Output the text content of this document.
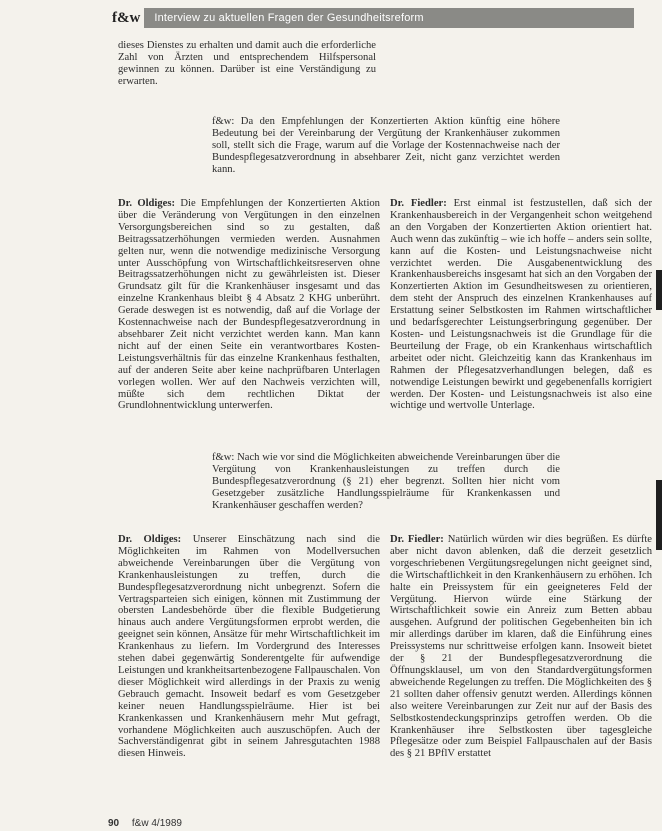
f&w	Interview zu aktuellen Fragen der Gesundheitsreform

dieses Dienstes zu erhalten und damit auch die erforderliche Zahl von Ärzten und entsprechendem Hilfspersonal gewinnen zu können. Darüber ist eine Verständigung zu erwarten.

f&w: Da den Empfehlungen der Konzertierten Aktion künftig eine höhere Bedeutung bei der Vereinbarung der Vergütung der Krankenhäuser zukommen soll, stellt sich die Frage, warum auf die Vorlage der Kostennachweise nach der Bundespflegesatzverordnung in absehbarer Zeit, nicht ganz verzichtet werden kann.

Dr. Oldiges: Die Empfehlungen der Konzertierten Aktion über die Veränderung von Vergütungen in den einzelnen Versorgungsbereichen sind so zu gestalten, daß Beitragssatzerhöhungen vermieden werden. Ausnahmen gelten nur, wenn die notwendige medizinische Versorgung unter Ausschöpfung von Wirtschaftlichkeitsreserven ohne Beitragssatzerhöhungen nicht zu gewährleisten ist. Dieser Grundsatz gilt für die Krankenhäuser insgesamt und das einzelne Krankenhaus bleibt § 4 Absatz 2 KHG unberührt. Gerade deswegen ist es notwendig, daß auf die Vorlage der Kostennachweise nach der Bundespflegesatzverordnung in absehbarer Zeit nicht verzichtet werden kann. Man kann nicht auf der einen Seite ein verantwortbares Kosten-Leistungsverhältnis für das einzelne Krankenhaus festhalten, auf der anderen Seite aber keine nachprüfbaren Unterlagen vorlegen wollen. Wer auf den Nachweis verzichten will, müßte sich dem rechtlichen Diktat der Grundlohnentwicklung unterwerfen.

Dr. Fiedler: Erst einmal ist festzustellen, daß sich der Krankenhausbereich in der Vergangenheit schon weitgehend an den Vorgaben der Konzertierten Aktion orientiert hat. Auch wenn das zukünftig – wie ich hoffe – anders sein sollte, kann auf die Kosten- und Leistungsnachweise nicht verzichtet werden. Die Ausgabenentwicklung des Krankenhausbereichs insgesamt hat sich an den Vorgaben der Konzertierten Aktion im Gesundheitswesen zu orientieren, dem steht der Anspruch des einzelnen Krankenhauses auf Erstattung seiner Selbstkosten im Rahmen wirtschaftlicher und bedarfsgerechter Leistungserbringung gegenüber. Der Kosten- und Leistungsnachweis ist die Grundlage für die Beurteilung der Frage, ob ein Krankenhaus wirtschaftlich arbeitet oder nicht. Gleichzeitig kann das Krankenhaus im Rahmen der Pflegesatzverhandlungen belegen, daß es notwendige Leistungen bewirkt und gegebenenfalls korrigiert werden. Der Kosten- und Leistungsnachweis ist also eine wichtige und wertvolle Unterlage.

f&w: Nach wie vor sind die Möglichkeiten abweichende Vereinbarungen über die Vergütung von Krankenhausleistungen zu treffen durch die Bundespflegesatzverordnung (§ 21) eher begrenzt. Sollten hier nicht vom Gesetzgeber zusätzliche Handlungsspielräume für Krankenkassen und Krankenhäuser geschaffen werden?

Dr. Oldiges: Unserer Einschätzung nach sind die Möglichkeiten im Rahmen von Modellversuchen abweichende Vereinbarungen über die Vergütung von Krankenhausleistungen zu treffen, durch die Bundespflegesatzverordnung nicht unbegrenzt. Sofern die Vertragsparteien sich einigen, können mit Zustimmung der obersten Landesbehörde über die flexible Budgetierung hinaus auch andere Vergütungsformen erprobt werden, die geeignet sein können, Ansätze für mehr Wirtschaftlichkeit im Krankenhaus zu liefern. Im Vordergrund des Interesses stehen dabei gegenwärtig Sonderentgelte für aufwendige Leistungen und krankheitsartenbezogene Fallpauschalen. Von dieser Möglichkeit wird allerdings in der Praxis zu wenig Gebrauch gemacht. Insoweit bedarf es vom Gesetzgeber keiner neuen Handlungsspielräume. Hier ist bei Krankenkassen und Krankenhäusern mehr Mut gefragt, vorhandene Möglichkeiten auch auszuschöpfen. Auch der Sachverständigenrat gibt in seinem Jahresgutachten 1988 diesen Hinweis.

Dr. Fiedler: Natürlich würden wir dies begrüßen. Es dürfte aber nicht davon ablenken, daß die derzeit gesetzlich vorgeschriebenen Vergütungsregelungen nicht geeignet sind, die Wirtschaftlichkeit in den Krankenhäusern zu erhöhen. Ich halte ein Preissystem für ein geeigneteres Feld der Vergütung. Hiervon würde eine Stärkung der Wirtschaftlichkeit sowie ein Anreiz zum Betten abbau ausgehen. Aufgrund der politischen Gegebenheiten bin ich mir allerdings darüber im klaren, daß die Einführung eines Preissystems nur schrittweise erfolgen kann. Insoweit bietet der § 21 der Bundespflegesatzverordnung die Öffnungsklausel, um von den Standardvergütungsformen abweichende Regelungen zu treffen. Die Möglichkeiten des § 21 sollten daher offensiv genutzt werden. Allerdings können also weitere Vereinbarungen zur Zeit nur auf der Basis des Selbstkostendeckungsprinzips getroffen werden. Ob die Krankenhäuser ihre Selbstkosten über tagesgleiche Pflegesätze oder zum Beispiel Fallpauschalen auf der Basis des § 21 BPflV erstattet

90 f&w 4/1989
